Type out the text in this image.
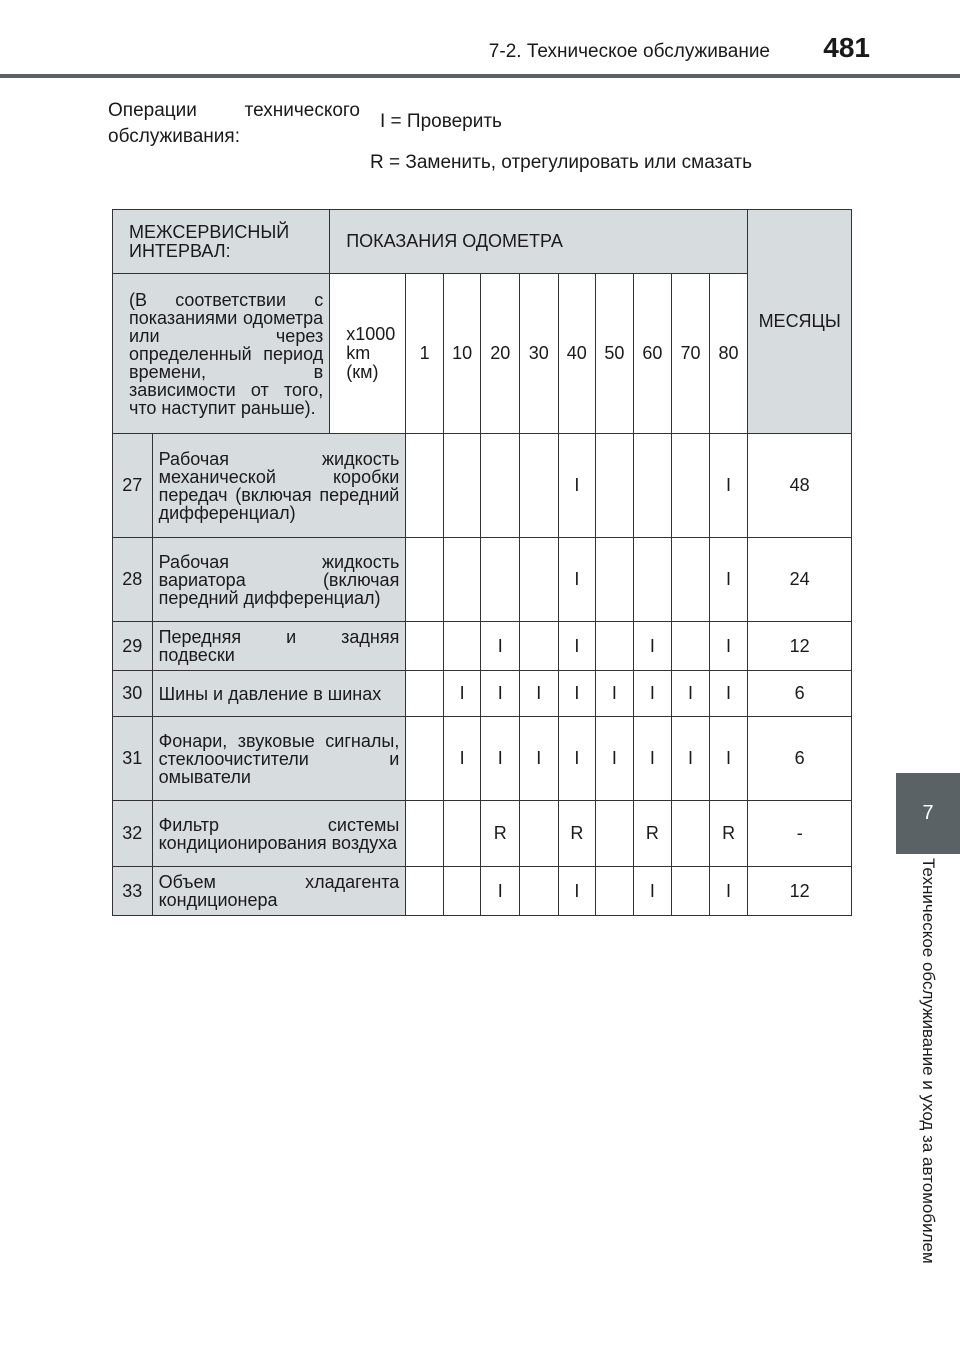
7-2. Техническое обслуживание	481
Операции технического обслуживания:
I = Проверить
R = Заменить, отрегулировать или смазать
МЕЖСЕРВИСНЫЙ ИНТЕРВАЛ:		ПОКАЗАНИЯ ОДОМЕТРА										МЕСЯЦЫ
(В соответствии с показаниями одометра или через определенный период времени, в зависимости от того, что наступит раньше).		x1000 km (км)	1	10	20	30	40	50	60	70	80	
27	Рабочая жидкость механической коробки передач (включая передний дифференциал)						I				I	48
28	Рабочая жидкость вариатора (включая передний дифференциал)						I				I	24
29	Передняя и задняя подвески				I		I		I		I	12
30	Шины и давление в шинах			I	I	I	I	I	I	I	I	6
31	Фонари, звуковые сигналы, стеклоочистители и омыватели			I	I	I	I	I	I	I	I	6
32	Фильтр системы кондиционирования воздуха				R		R		R		R	-
33	Объем хладагента кондиционера				I		I		I		I	12
7
Техническое обслуживание и уход за автомобилем
